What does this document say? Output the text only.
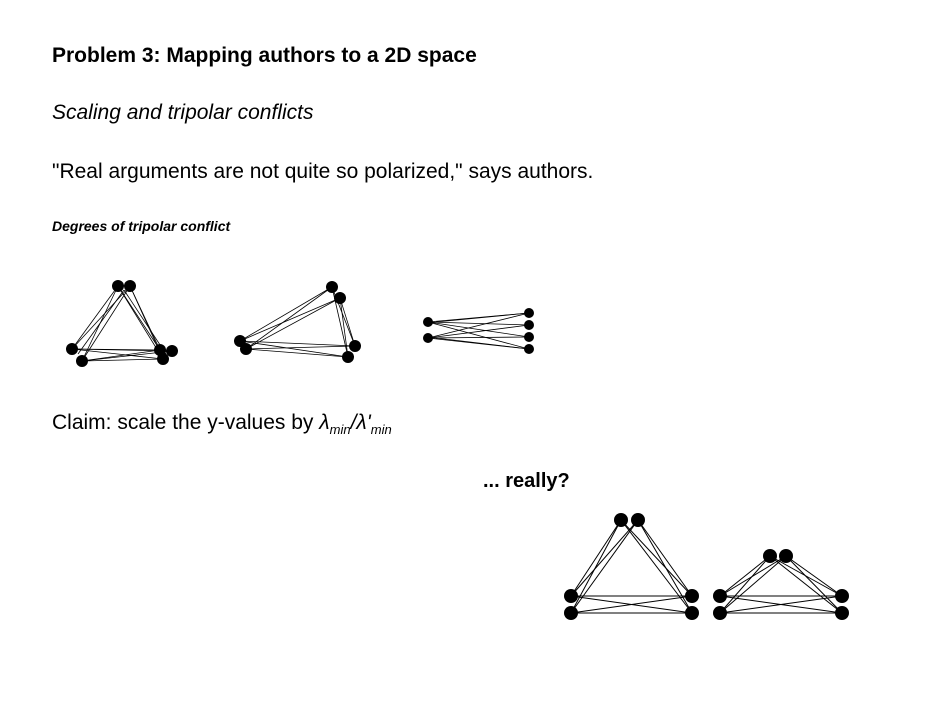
Problem 3: Mapping authors to a 2D space
Scaling and tripolar conflicts
"Real arguments are not quite so polarized," says authors.
Degrees of tripolar conflict
Claim: scale the y-values by $\lambda_{min}/\lambda'_{min}$
... really?
